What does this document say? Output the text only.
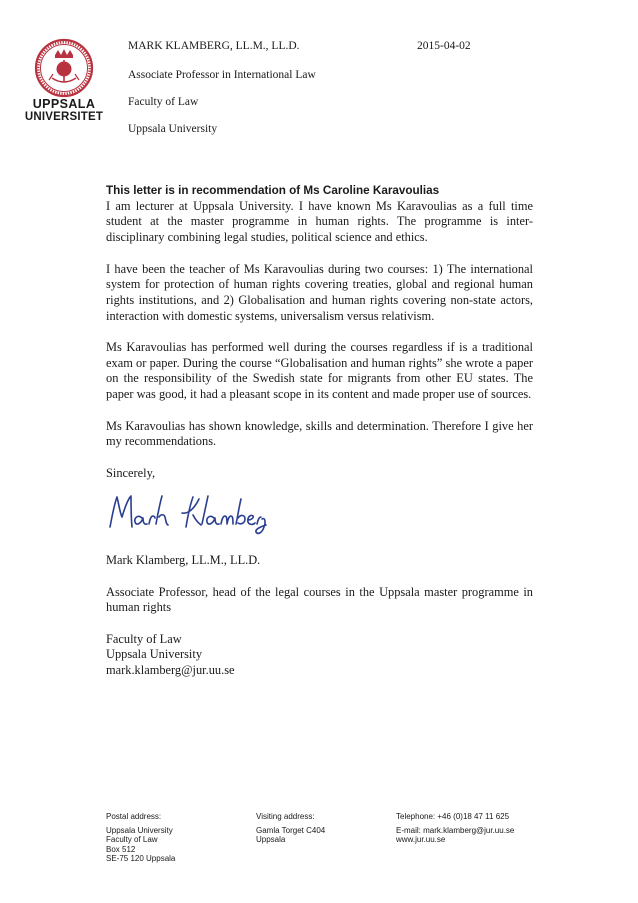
UPPSALA
UNIVERSITET
MARK KLAMBERG, LL.M., LL.D.	2015-04-02
Associate Professor in International Law
Faculty of Law
Uppsala University
This letter is in recommendation of Ms Caroline Karavoulias

I am lecturer at Uppsala University. I have known Ms Karavoulias as a full time student at the master programme in human rights. The programme is inter-disciplinary combining legal studies, political science and ethics.

I have been the teacher of Ms Karavoulias during two courses: 1) The international system for protection of human rights covering treaties, global and regional human rights institutions, and 2) Globalisation and human rights covering non-state actors, interaction with domestic systems, universalism versus relativism.

Ms Karavoulias has performed well during the courses regardless if is a traditional exam or paper. During the course “Globalisation and human rights” she wrote a paper on the responsibility of the Swedish state for migrants from other EU states. The paper was good, it had a pleasant scope in its content and made proper use of sources.

Ms Karavoulias has shown knowledge, skills and determination. Therefore I give her my recommendations.

Sincerely,

Mark Klamberg, LL.M., LL.D.

Associate Professor, head of the legal courses in the Uppsala master programme in human rights

Faculty of Law

Uppsala University

mark.klamberg@jur.uu.se

Postal address:
Uppsala University
Faculty of Law
Box 512
SE-75 120 Uppsala
Visiting address:
Gamla Torget C404
Uppsala
Telephone: +46 (0)18 47 11 625
E-mail: mark.klamberg@jur.uu.se
www.jur.uu.se
